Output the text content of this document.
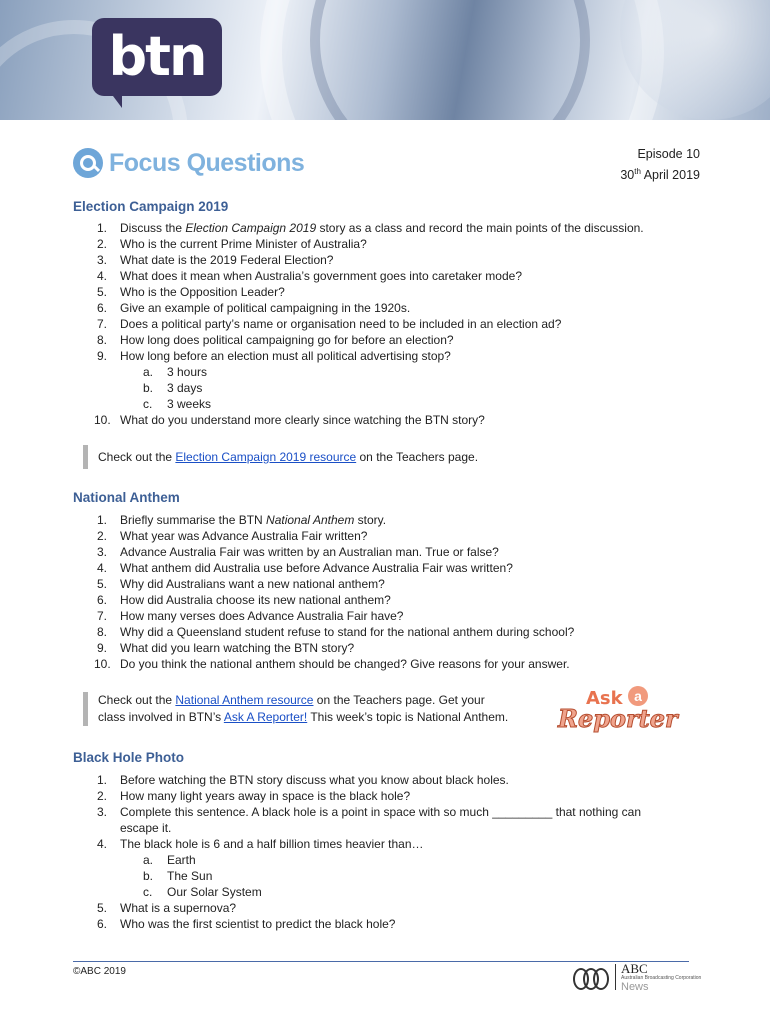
btn
Focus Questions	Episode 10
30th April 2019
Election Campaign 2019
1.	Discuss the Election Campaign 2019 story as a class and record the main points of the discussion.
2.	Who is the current Prime Minister of Australia?
3.	What date is the 2019 Federal Election?
4.	What does it mean when Australia’s government goes into caretaker mode?
5.	Who is the Opposition Leader?
6.	Give an example of political campaigning in the 1920s.
7.	Does a political party’s name or organisation need to be included in an election ad?
8.	How long does political campaigning go for before an election?
9.	How long before an election must all political advertising stop?
a. 3 hours
b. 3 days
c. 3 weeks
10. What do you understand more clearly since watching the BTN story?
Check out the Election Campaign 2019 resource on the Teachers page.
National Anthem
1.	Briefly summarise the BTN National Anthem story.
2.	What year was Advance Australia Fair written?
3.	Advance Australia Fair was written by an Australian man. True or false?
4.	What anthem did Australia use before Advance Australia Fair was written?
5.	Why did Australians want a new national anthem?
6.	How did Australia choose its new national anthem?
7.	How many verses does Advance Australia Fair have?
8.	Why did a Queensland student refuse to stand for the national anthem during school?
9.	What did you learn watching the BTN story?
10. Do you think the national anthem should be changed? Give reasons for your answer.
Check out the National Anthem resource on the Teachers page. Get your
class involved in BTN’s Ask A Reporter! This week’s topic is National Anthem.
Ask a
Reporter
Black Hole Photo
1.	Before watching the BTN story discuss what you know about black holes.
2.	How many light years away in space is the black hole?
3.	Complete this sentence. A black hole is a point in space with so much _________ that nothing can
escape it.
4.	The black hole is 6 and a half billion times heavier than…
a. Earth
b. The Sun
c. Our Solar System
5.	What is a supernova?
6.	Who was the first scientist to predict the black hole?
©ABC 2019	ABC
Australian Broadcasting Corporation
News
